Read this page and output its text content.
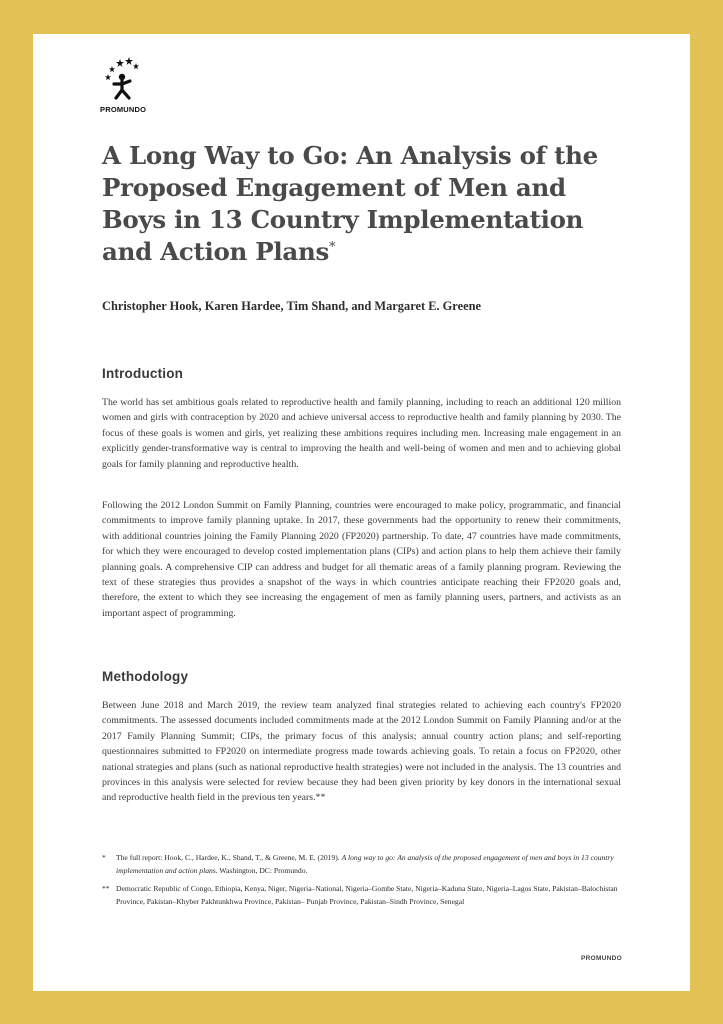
PROMUNDO
A Long Way to Go: An Analysis of the Proposed Engagement of Men and Boys in 13 Country Implementation and Action Plans*

Christopher Hook, Karen Hardee, Tim Shand, and Margaret E. Greene

Introduction

The world has set ambitious goals related to reproductive health and family planning, including to reach an additional 120 million women and girls with contraception by 2020 and achieve universal access to reproductive health and family planning by 2030. The focus of these goals is women and girls, yet realizing these ambitions requires including men. Increasing male engagement in an explicitly gender-transformative way is central to improving the health and well-being of women and men and to achieving global goals for family planning and reproductive health.

Following the 2012 London Summit on Family Planning, countries were encouraged to make policy, programmatic, and financial commitments to improve family planning uptake. In 2017, these governments had the opportunity to renew their commitments, with additional countries joining the Family Planning 2020 (FP2020) partnership. To date, 47 countries have made commitments, for which they were encouraged to develop costed implementation plans (CIPs) and action plans to help them achieve their family planning goals. A comprehensive CIP can address and budget for all thematic areas of a family planning program. Reviewing the text of these strategies thus provides a snapshot of the ways in which countries anticipate reaching their FP2020 goals and, therefore, the extent to which they see increasing the engagement of men as family planning users, partners, and activists as an important aspect of programming.

Methodology

Between June 2018 and March 2019, the review team analyzed final strategies related to achieving each country's FP2020 commitments. The assessed documents included commitments made at the 2012 London Summit on Family Planning and/or at the 2017 Family Planning Summit; CIPs, the primary focus of this analysis; annual country action plans; and self-reporting questionnaires submitted to FP2020 on intermediate progress made towards achieving goals. To retain a focus on FP2020, other national strategies and plans (such as national reproductive health strategies) were not included in the analysis. The 13 countries and provinces in this analysis were selected for review because they had been given priority by key donors in the international sexual and reproductive health field in the previous ten years.**

* The full report: Hook, C., Hardee, K., Shand, T., & Greene, M. E. (2019). A long way to go: An analysis of the proposed engagement of men and boys in 13 country implementation and action plans. Washington, DC: Promundo.

** Democratic Republic of Congo, Ethiopia, Kenya, Niger, Nigeria–National, Nigeria–Gombe State, Nigeria–Kaduna State, Nigeria–Lagos State, Pakistan–Balochistan Province, Pakistan–Khyber Pakhtunkhwa Province, Pakistan– Punjab Province, Pakistan–Sindh Province, Senegal

PROMUNDO
